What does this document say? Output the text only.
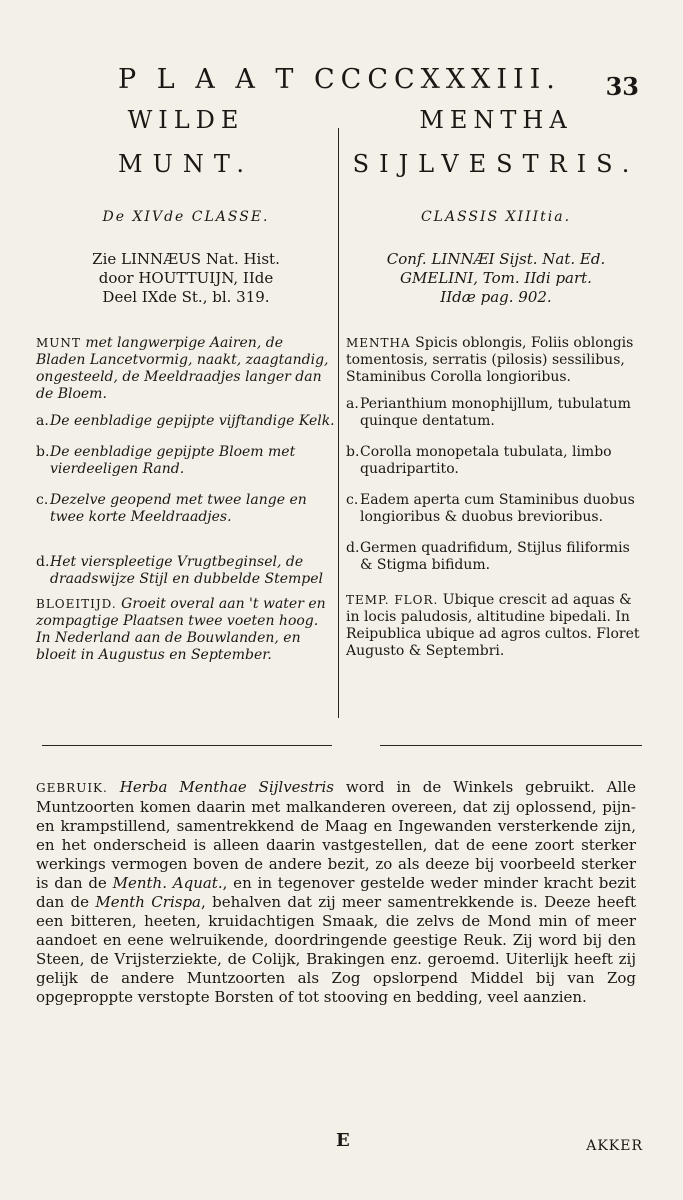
P L A A T CCCCXXXIII. 33
WILDE
MUNT.
De XIVde CLASSE.
Zie LINNÆUS Nat. Hist.
door HOUTTUIJN, IIde
Deel IXde St., bl. 319.
MUNT met langwerpige Aairen, de Bladen Lancetvormig, naakt, zaagtandig, ongesteeld, de Meeldraadjes langer dan de Bloem.
a. De eenbladige gepijpte vijftandige Kelk.
b. De eenbladige gepijpte Bloem met vierdeeligen Rand.
c. Dezelve geopend met twee lange en twee korte Meeldraadjes.
d. Het vierspleetige Vrugtbeginsel, de draadswijze Stijl en dubbelde Stempel
BLOEITIJD. Groeit overal aan 't water en zompagtige Plaatsen twee voeten hoog. In Nederland aan de Bouwlanden, en bloeit in Augustus en September.
MENTHA
SIJLVESTRIS.
CLASSIS XIIItia.
Conf. LINNÆI Sijst. Nat. Ed.
GMELINI, Tom. IIdi part.
IIdæ pag. 902.
MENTHA Spicis oblongis, Foliis oblongis tomentosis, serratis (pilosis) sessilibus, Staminibus Corolla longioribus.
a. Perianthium monophijllum, tubulatum quinque dentatum.
b. Corolla monopetala tubulata, limbo quadripartito.
c. Eadem aperta cum Staminibus duobus longioribus & duobus brevioribus.
d. Germen quadrifidum, Stijlus filiformis & Stigma bifidum.
TEMP. FLOR. Ubique crescit ad aquas & in locis paludosis, altitudine bipedali. In Reipublica ubique ad agros cultos. Floret Augusto & Septembri.
GEBRUIK. Herba Menthae Sijlvestris word in de Winkels gebruikt. Alle Muntzoorten komen daarin met malkanderen overeen, dat zij oplossend, pijn- en krampstillend, samentrekkend de Maag en Ingewanden versterkende zijn, en het onderscheid is alleen daarin vastgestellen, dat de eene zoort sterker werkings vermogen boven de andere bezit, zo als deeze bij voorbeeld sterker is dan de Menth. Aquat., en in tegenover gestelde weder minder kracht bezit dan de Menth Crispa, behalven dat zij meer samentrekkende is. Deeze heeft een bitteren, heeten, kruidachtigen Smaak, die zelvs de Mond min of meer aandoet en eene welruikende, doordringende geestige Reuk. Zij word bij den Steen, de Vrijsterziekte, de Colijk, Brakingen enz. geroemd. Uiterlijk heeft zij gelijk de andere Muntzoorten als Zog opslorpend Middel bij van Zog opgeproppte verstopte Borsten of tot stooving en bedding, veel aanzien.
E	AKKER
